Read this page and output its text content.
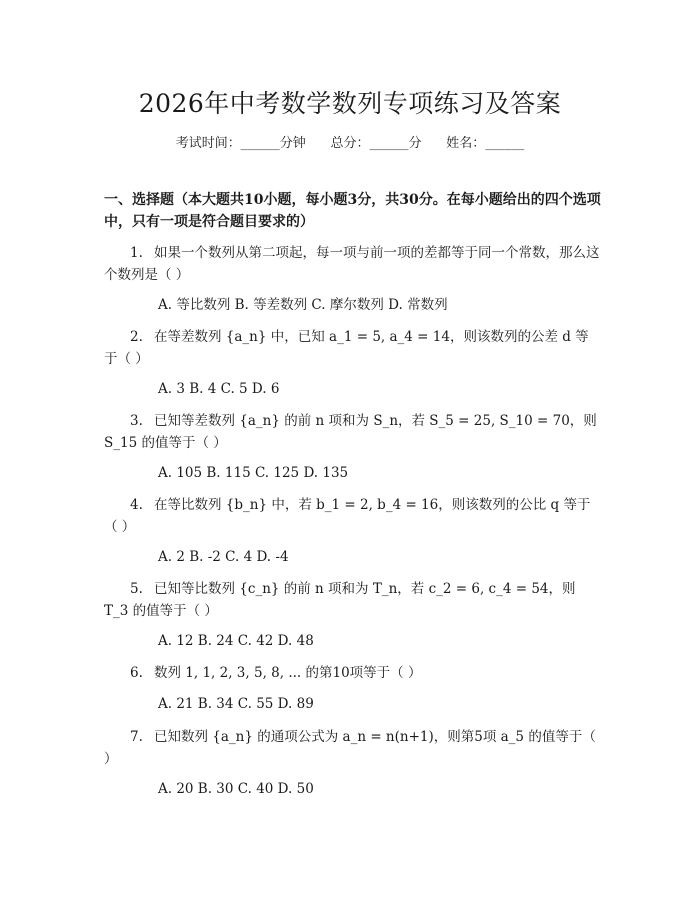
2026年中考数学数列专项练习及答案
考试时间：______分钟      总分：______分      姓名：______
一、选择题（本大题共10小题，每小题3分，共30分。在每小题给出的四个选项中，只有一项是符合题目要求的）
1. 如果一个数列从第二项起，每一项与前一项的差都等于同一个常数，那么这个数列是（ ）
A. 等比数列 B. 等差数列 C. 摩尔数列 D. 常数列
2. 在等差数列 {a_n} 中，已知 a_1 = 5, a_4 = 14，则该数列的公差 d 等于（ ）
A. 3 B. 4 C. 5 D. 6
3. 已知等差数列 {a_n} 的前 n 项和为 S_n，若 S_5 = 25, S_10 = 70，则 S_15 的值等于（ ）
A. 105 B. 115 C. 125 D. 135
4. 在等比数列 {b_n} 中，若 b_1 = 2, b_4 = 16，则该数列的公比 q 等于（ ）
A. 2 B. -2 C. 4 D. -4
5. 已知等比数列 {c_n} 的前 n 项和为 T_n，若 c_2 = 6, c_4 = 54，则 T_3 的值等于（ ）
A. 12 B. 24 C. 42 D. 48
6. 数列 1, 1, 2, 3, 5, 8, ... 的第10项等于（ ）
A. 21 B. 34 C. 55 D. 89
7. 已知数列 {a_n} 的通项公式为 a_n = n(n+1)，则第5项 a_5 的值等于（ ）
A. 20 B. 30 C. 40 D. 50
